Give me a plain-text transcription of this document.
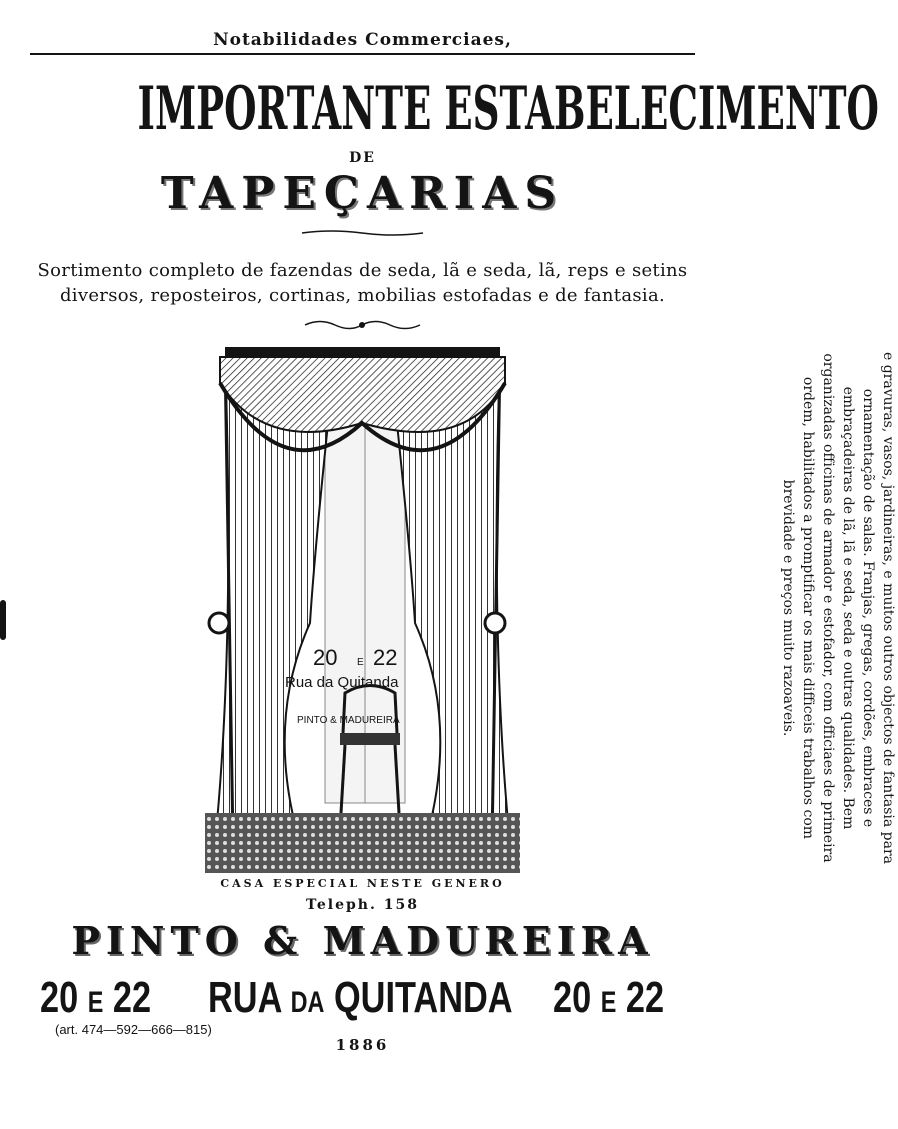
Notabilidades Commerciaes,
IMPORTANTE ESTABELECIMENTO
DE
TAPEÇARIAS
Sortimento completo de fazendas de seda, lã e seda, lã, reps e setins diversos, reposteiros, cortinas, mobilias estofadas e de fantasia.
e gravuras, vasos, jardineiras, e muitos outros objectos de fantasia para ornamentação de salas. Franjas, gregas, cordões, embraces e embraçadeiras de lã, lã e seda, seda e outras qualidades. Bem organizadas officinas de armador e estofador, com officiaes de primeira ordem, habilitados a promptificar os mais difficeis trabalhos com brevidade e preços muito razoaveis.
20 E 22
Rua da Quitanda
PINTO & MADUREIRA
CASA ESPECIAL NESTE GENERO
Teleph. 158
PINTO & MADUREIRA
20 E 22 RUA DA QUITANDA 20 E 22
(art. 474—592—666—815)
1886
